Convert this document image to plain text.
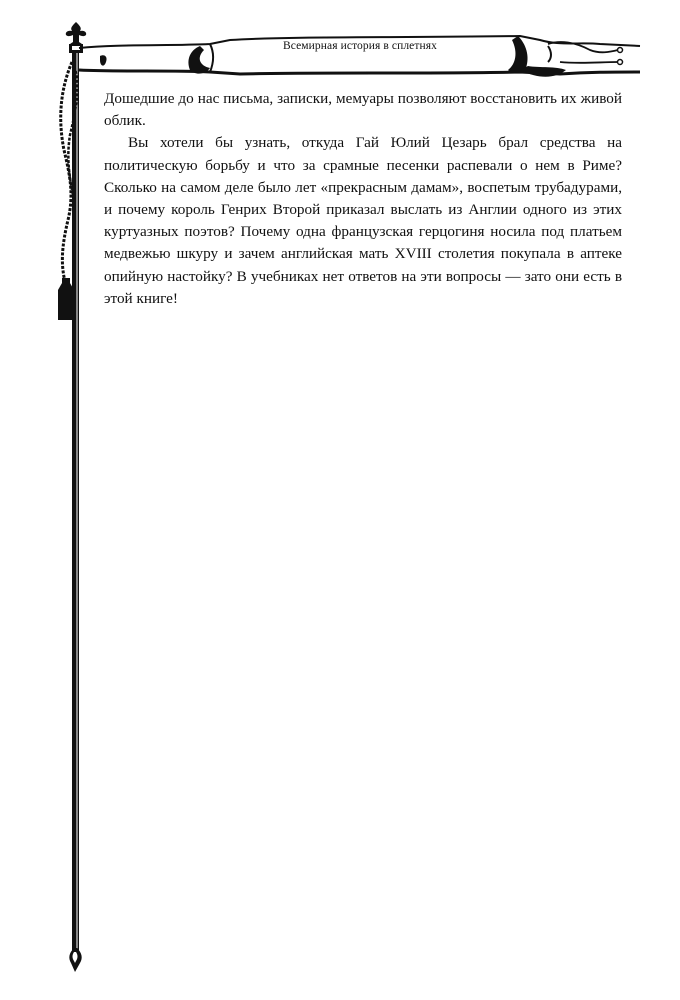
Всемирная история в сплетнях

Дошедшие до нас письма, записки, мемуары позволяют восстановить их живой облик.

Вы хотели бы узнать, откуда Гай Юлий Цезарь брал средства на политическую борьбу и что за срамные песенки распевали о нем в Риме? Сколько на самом деле было лет «прекрасным дамам», воспетым трубадурами, и почему король Генрих Второй приказал выслать из Англии одного из этих куртуазных поэтов? Почему одна французская герцогиня носила под платьем медвежью шкуру и зачем английская мать XVIII столетия покупала в аптеке опийную настойку? В учебниках нет ответов на эти вопросы — зато они есть в этой книге!
